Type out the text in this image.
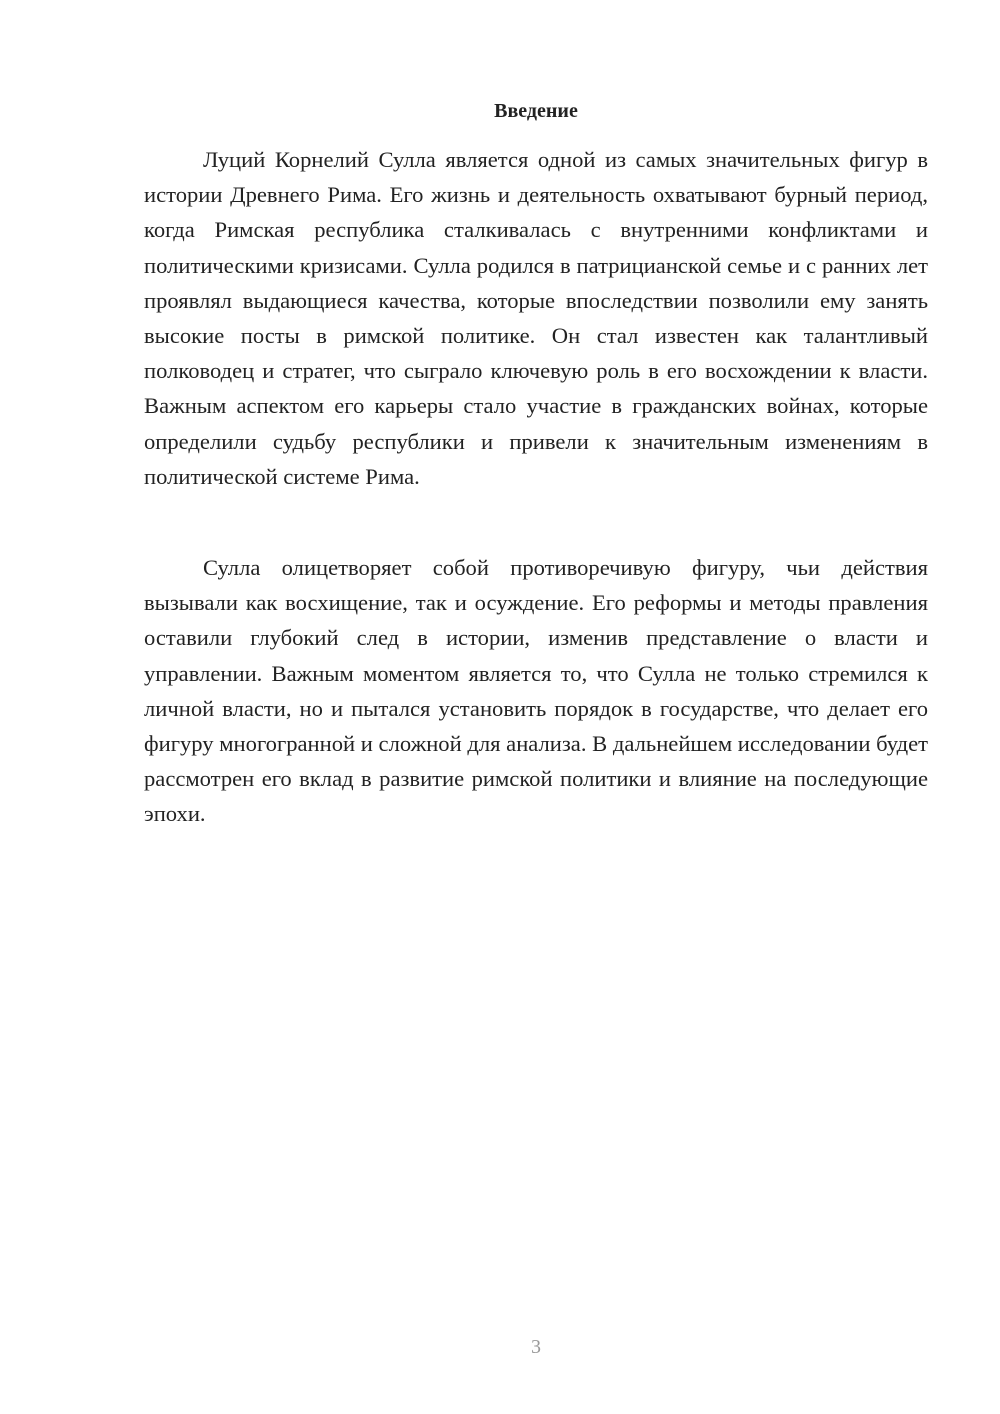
Введение

Луций Корнелий Сулла является одной из самых значительных фигур в истории Древнего Рима. Его жизнь и деятельность охватывают бурный период, когда Римская республика сталкивалась с внутренними конфликтами и политическими кризисами. Сулла родился в патрицианской семье и с ранних лет проявлял выдающиеся качества, которые впоследствии позволили ему занять высокие посты в римской политике. Он стал известен как талантливый полководец и стратег, что сыграло ключевую роль в его восхождении к власти. Важным аспектом его карьеры стало участие в гражданских войнах, которые определили судьбу республики и привели к значительным изменениям в политической системе Рима.

Сулла олицетворяет собой противоречивую фигуру, чьи действия вызывали как восхищение, так и осуждение. Его реформы и методы правления оставили глубокий след в истории, изменив представление о власти и управлении. Важным моментом является то, что Сулла не только стремился к личной власти, но и пытался установить порядок в государстве, что делает его фигуру многогранной и сложной для анализа. В дальнейшем исследовании будет рассмотрен его вклад в развитие римской политики и влияние на последующие эпохи.

3
